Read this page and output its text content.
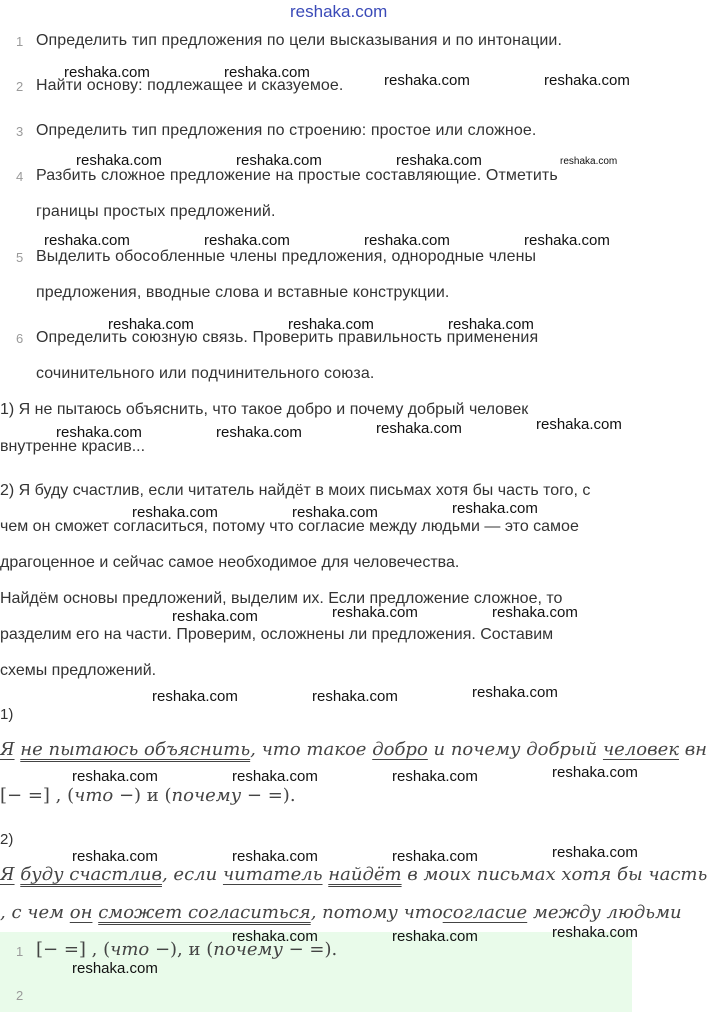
reshaka.com
1 Определить тип предложения по цели высказывания и по интонации.
2 Найти основу: подлежащее и сказуемое.
3 Определить тип предложения по строению: простое или сложное.
4 Разбить сложное предложение на простые составляющие. Отметить
границы простых предложений.
5 Выделить обособленные члены предложения, однородные члены
предложения, вводные слова и вставные конструкции.
6 Определить союзную связь. Проверить правильность применения
сочинительного или подчинительного союза.
1) Я не пытаюсь объяснить, что такое добро и почему добрый человек
внутренне красив...
2) Я буду счастлив, если читатель найдёт в моих письмах хотя бы часть того, с
чем он сможет согласиться, потому что согласие между людьми — это самое
драгоценное и сейчас самое необходимое для человечества.
Найдём основы предложений, выделим их. Если предложение сложное, то
разделим его на части. Проверим, осложнены ли предложения. Составим
схемы предложений.
1)
Я не пытаюсь объяснить, что такое добро и почему добрый человек вн
[− =] , (что −) и (почему − =).
2)
Я буду счастлив, если читатель найдёт в моих письмах хотя бы часть
, с чем он сможет согласиться, потому чтосогласие между людьми
1 [− =] , (что −), и (почему − =).
2
reshaka.com	reshaka.com	reshaka.com	reshaka.com
reshaka.com	reshaka.com	reshaka.com	reshaka.com
reshaka.com	reshaka.com	reshaka.com	reshaka.com
reshaka.com	reshaka.com	reshaka.com
reshaka.com	reshaka.com	reshaka.com	reshaka.com
reshaka.com
reshaka.com	reshaka.com
reshaka.com	reshaka.com
reshaka.com
reshaka.com
reshaka.com	reshaka.com
reshaka.com
reshaka.com	reshaka.com	reshaka.com
reshaka.com
reshaka.com	reshaka.com	reshaka.com
reshaka.com
reshaka.com	reshaka.com
reshaka.com
